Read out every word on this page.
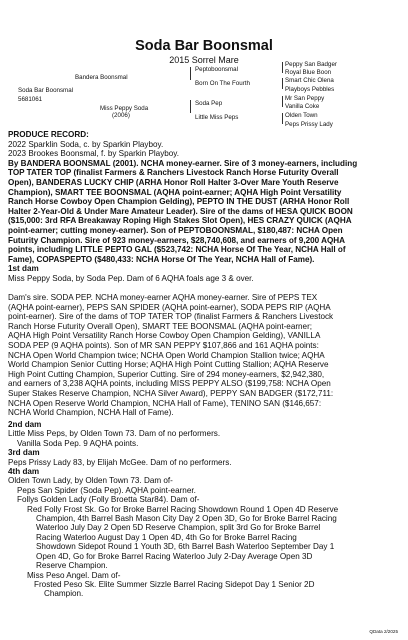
Soda Bar Boonsmal
2015 Sorrel Mare
Soda Bar Boonsmal
5681061
Bandera Boonsmal
Miss Peppy Soda
(2006)
Peptoboonsmal
Born On The Fourth
Soda Pep
Little Miss Peps
Peppy San Badger
Royal Blue Boon
Smart Chic Olena
Playboys Pebbles
Mr San Peppy
Vanilla Coke
Olden Town
Peps Prissy Lady

PRODUCE RECORD:

2022 Sparklin Soda, c. by Sparkin Playboy.

2023 Brookes Boonsmal, f. by Sparkin Playboy.

By BANDERA BOONSMAL (2001). NCHA money-earner. Sire of 3 money-earners, including

TOP TATER TOP (finalist Farmers & Ranchers Livestock Ranch Horse Futurity Overall

Open), BANDERAS LUCKY CHIP (ARHA Honor Roll Halter 3-Over Mare Youth Reserve

Champion), SMART TEE BOONSMAL (AQHA point-earner; AQHA High Point Versatility

Ranch Horse Cowboy Open Champion Gelding), PEPTO IN THE DUST (ARHA Honor Roll

Halter 2-Year-Old & Under Mare Amateur Leader). Sire of the dams of HESA QUICK BOON

($15,000: 3rd RFA Breakaway Roping High Stakes Slot Open), HES CRAZY QUICK (AQHA

point-earner; cutting money-earner). Son of PEPTOBOONSMAL, $180,487: NCHA Open

Futurity Champion. Sire of 923 money-earners, $28,740,608, and earners of 9,200 AQHA

points, including LITTLE PEPTO GAL ($523,742: NCHA Horse Of The Year, NCHA Hall of

Fame), COPASPEPTO ($480,433: NCHA Horse Of The Year, NCHA Hall of Fame).

1st dam

Miss Peppy Soda, by Soda Pep. Dam of 6 AQHA foals age 3 & over.

Dam's sire. SODA PEP. NCHA money-earner AQHA money-earner. Sire of PEPS TEX

(AQHA point-earner), PEPS SAN SPIDER (AQHA point-earner), SODA PEPS RIP (AQHA

point-earner). Sire of the dams of TOP TATER TOP (finalist Farmers & Ranchers Livestock

Ranch Horse Futurity Overall Open), SMART TEE BOONSMAL (AQHA point-earner;

AQHA High Point Versatility Ranch Horse Cowboy Open Champion Gelding), VANILLA

SODA PEP (9 AQHA points). Son of MR SAN PEPPY $107,866 and 161 AQHA points:

NCHA Open World Champion twice; NCHA Open World Champion Stallion twice; AQHA

World Champion Senior Cutting Horse; AQHA High Point Cutting Stallion; AQHA Reserve

High Point Cutting Champion, Superior Cutting. Sire of 294 money-earners, $2,942,380,

and earners of 3,238 AQHA points, including MISS PEPPY ALSO ($199,758: NCHA Open

Super Stakes Reserve Champion, NCHA Silver Award), PEPPY SAN BADGER ($172,711:

NCHA Open Reserve World Champion, NCHA Hall of Fame), TENINO SAN ($146,657:

NCHA World Champion, NCHA Hall of Fame).

2nd dam

Little Miss Peps, by Olden Town 73. Dam of no performers.

Vanilla Soda Pep. 9 AQHA points.

3rd dam

Peps Prissy Lady 83, by Elijah McGee. Dam of no performers.

4th dam

Olden Town Lady, by Olden Town 73. Dam of-

Peps San Spider (Soda Pep). AQHA point-earner.

Follys Golden Lady (Folly Broetta Star84). Dam of-

Red Folly Frost Sk. Go for Broke Barrel Racing Showdown Round 1 Open 4D Reserve

Champion, 4th Barrel Bash Mason City Day 2 Open 3D, Go for Broke Barrel Racing

Waterloo July Day 2 Open 5D Reserve Champion, split 3rd Go for Broke Barrel

Racing Waterloo August Day 1 Open 4D, 4th Go for Broke Barrel Racing

Showdown Sidepot Round 1 Youth 3D, 6th Barrel Bash Waterloo September Day 1

Open 4D, Go for Broke Barrel Racing Waterloo July 2-Day Average Open 3D

Reserve Champion.

Miss Peso Angel. Dam of-

Frosted Peso Sk. Elite Summer Sizzle Barrel Racing Sidepot Day 1 Senior 2D

Champion.

QData 2/2025
